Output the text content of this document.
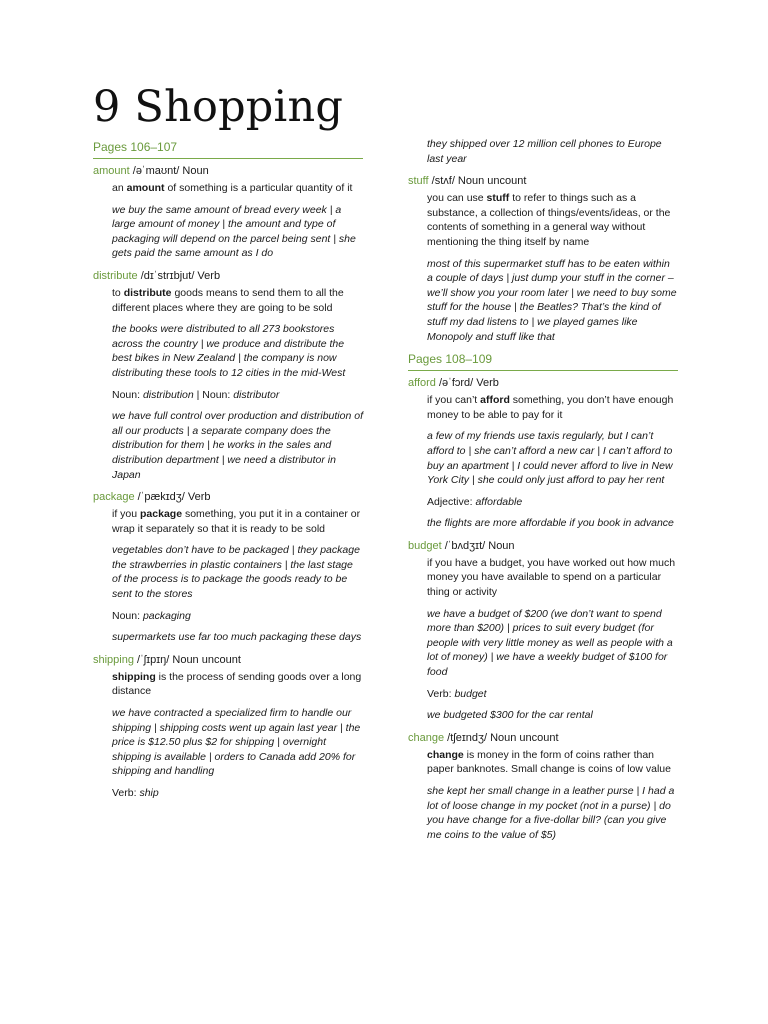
9 Shopping
Pages 106–107
amount /əˈmaʊnt/ Noun

an amount of something is a particular quantity of it

we buy the same amount of bread every week | a large amount of money | the amount and type of packaging will depend on the parcel being sent | she gets paid the same amount as I do

distribute /dɪˈstrɪbjut/ Verb

to distribute goods means to send them to all the different places where they are going to be sold

the books were distributed to all 273 bookstores across the country | we produce and distribute the best bikes in New Zealand | the company is now distributing these tools to 12 cities in the mid-West

Noun: distribution | Noun: distributor

we have full control over production and distribution of all our products | a separate company does the distribution for them | he works in the sales and distribution department | we need a distributor in Japan

package /ˈpækɪdʒ/ Verb

if you package something, you put it in a container or wrap it separately so that it is ready to be sold

vegetables don’t have to be packaged | they package the strawberries in plastic containers | the last stage of the process is to package the goods ready to be sent to the stores

Noun: packaging

supermarkets use far too much packaging these days

shipping /ˈʃɪpɪŋ/ Noun uncount

shipping is the process of sending goods over a long distance

we have contracted a specialized firm to handle our shipping | shipping costs went up again last year | the price is $12.50 plus $2 for shipping | overnight shipping is available | orders to Canada add 20% for shipping and handling

Verb: ship

they shipped over 12 million cell phones to Europe last year

stuff /stʌf/ Noun uncount

you can use stuff to refer to things such as a substance, a collection of things/events/ideas, or the contents of something in a general way without mentioning the thing itself by name

most of this supermarket stuff has to be eaten within a couple of days | just dump your stuff in the corner – we’ll show you your room later | we need to buy some stuff for the house | the Beatles? That’s the kind of stuff my dad listens to | we played games like Monopoly and stuff like that

Pages 108–109
afford /əˈfɔrd/ Verb

if you can’t afford something, you don’t have enough money to be able to pay for it

a few of my friends use taxis regularly, but I can’t afford to | she can’t afford a new car | I can’t afford to buy an apartment | I could never afford to live in New York City | she could only just afford to pay her rent

Adjective: affordable

the flights are more affordable if you book in advance

budget /ˈbʌdʒɪt/ Noun

if you have a budget, you have worked out how much money you have available to spend on a particular thing or activity

we have a budget of $200 (we don’t want to spend more than $200) | prices to suit every budget (for people with very little money as well as people with a lot of money) | we have a weekly budget of $100 for food

Verb: budget

we budgeted $300 for the car rental

change /tʃeɪndʒ/ Noun uncount

change is money in the form of coins rather than paper banknotes. Small change is coins of low value

she kept her small change in a leather purse | I had a lot of loose change in my pocket (not in a purse) | do you have change for a five-dollar bill? (can you give me coins to the value of $5)
